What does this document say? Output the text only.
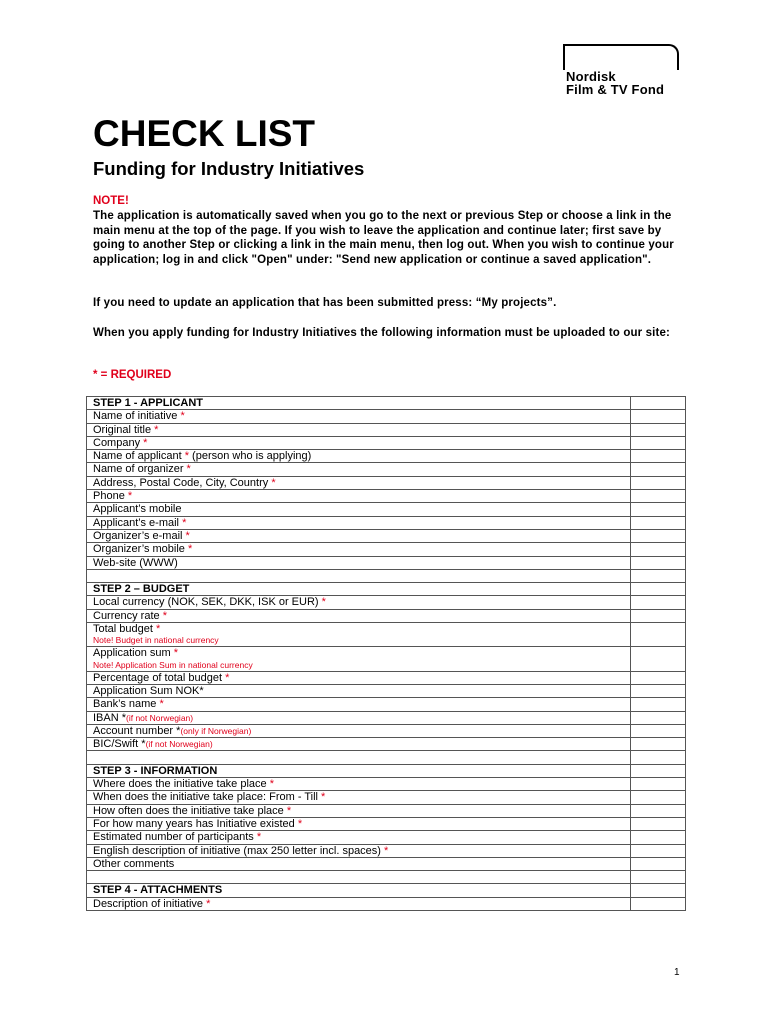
Nordisk
Film & TV Fond
CHECK LIST
Funding for Industry Initiatives
NOTE!
The application is automatically saved when you go to the next or previous Step or choose a link in the main menu at the top of the page. If you wish to leave the application and continue later; first save by going to another Step or clicking a link in the main menu, then log out. When you wish to continue your application; log in and click "Open" under: "Send new application or continue a saved application".
If you need to update an application that has been submitted press: “My projects”.
When you apply funding for Industry Initiatives the following information must be uploaded to our site:
* = REQUIRED
STEP 1 - APPLICANT	
Name of initiative *	
Original title *	
Company *	
Name of applicant * (person who is applying)	
Name of organizer *	
Address, Postal Code, City, Country *	
Phone *	
Applicant’s mobile	
Applicant’s e-mail *	
Organizer’s e-mail *	
Organizer’s mobile *	
Web-site (WWW)	

STEP 2 – BUDGET	
Local currency (NOK, SEK, DKK, ISK or EUR) *	
Currency rate *	
Total budget *
Note! Budget in national currency	

Application sum *
Note! Application Sum in national currency	

Percentage of total budget *	
Application Sum NOK*	
Bank’s name *	
IBAN *(if not Norwegian)	
Account number *(only if Norwegian)	
BIC/Swift *(if not Norwegian)	

STEP 3 - INFORMATION	
Where does the initiative take place *	
When does the initiative take place: From - Till *	
How often does the initiative take place *	
For how many years has Initiative existed *	
Estimated number of participants *	
English description of initiative (max 250 letter incl. spaces) *	
Other comments	

STEP 4 - ATTACHMENTS	
Description of initiative *	
1
